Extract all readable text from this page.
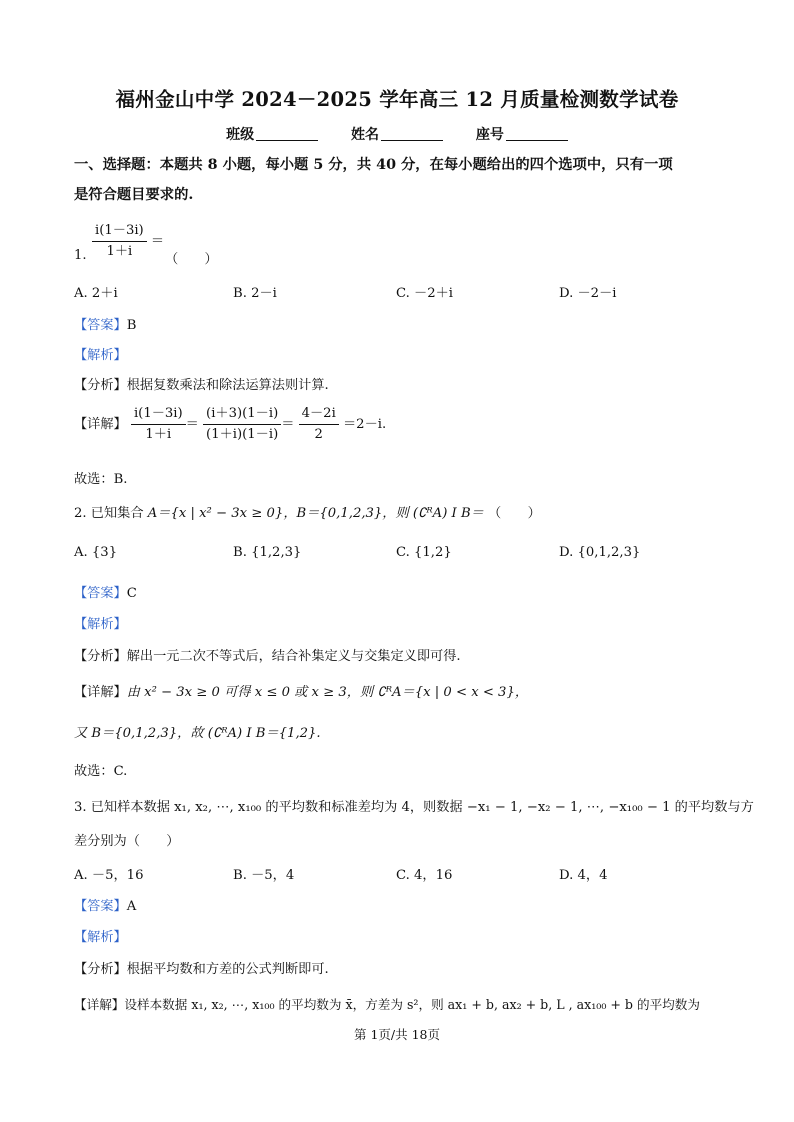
福州金山中学 2024－2025 学年高三 12 月质量检测数学试卷
班级	姓名	座号
一、选择题：本题共 8 小题，每小题 5 分，共 40 分，在每小题给出的四个选项中，只有一项
是符合题目要求的.
$\frac{i(1-3i)}{1+i}$ ＝
1.	（　　）
A. 2＋i	B. 2－i	C. －2＋i	D. －2－i
【答案】B
【解析】
【分析】根据复数乘法和除法运算法则计算.
【详解】 $\frac{i(1-3i)}{1+i} = \frac{(i+3)(1-i)}{(1+i)(1-i)} = \frac{4-2i}{2} =2-i$.
故选：B.
2. 已知集合 A＝{x | x² − 3x ≥ 0}，B＝{0,1,2,3}，则 (∁ᴿA) I B＝ （　　）
A. {3}	B. {1,2,3}	C. {1,2}	D. {0,1,2,3}
【答案】C
【解析】
【分析】解出一元二次不等式后，结合补集定义与交集定义即可得.
【详解】由 x² − 3x ≥ 0 可得 x ≤ 0 或 x ≥ 3，则 ∁ᴿA＝{x | 0 < x < 3}，
又 B＝{0,1,2,3}，故 (∁ᴿA) I B＝{1,2}.
故选：C.
3. 已知样本数据 x₁, x₂, ⋯, x₁₀₀ 的平均数和标准差均为 4，则数据 −x₁ − 1, −x₂ − 1, ⋯, −x₁₀₀ − 1 的平均数与方
差分别为（　　）
A. －5，16	B. －5，4	C. 4，16	D. 4，4
【答案】A
【解析】
【分析】根据平均数和方差的公式判断即可.
【详解】设样本数据 x₁, x₂, ⋯, x₁₀₀ 的平均数为 x̄，方差为 s²，则 ax₁ + b, ax₂ + b, L , ax₁₀₀ + b 的平均数为
第 1页/共 18页
